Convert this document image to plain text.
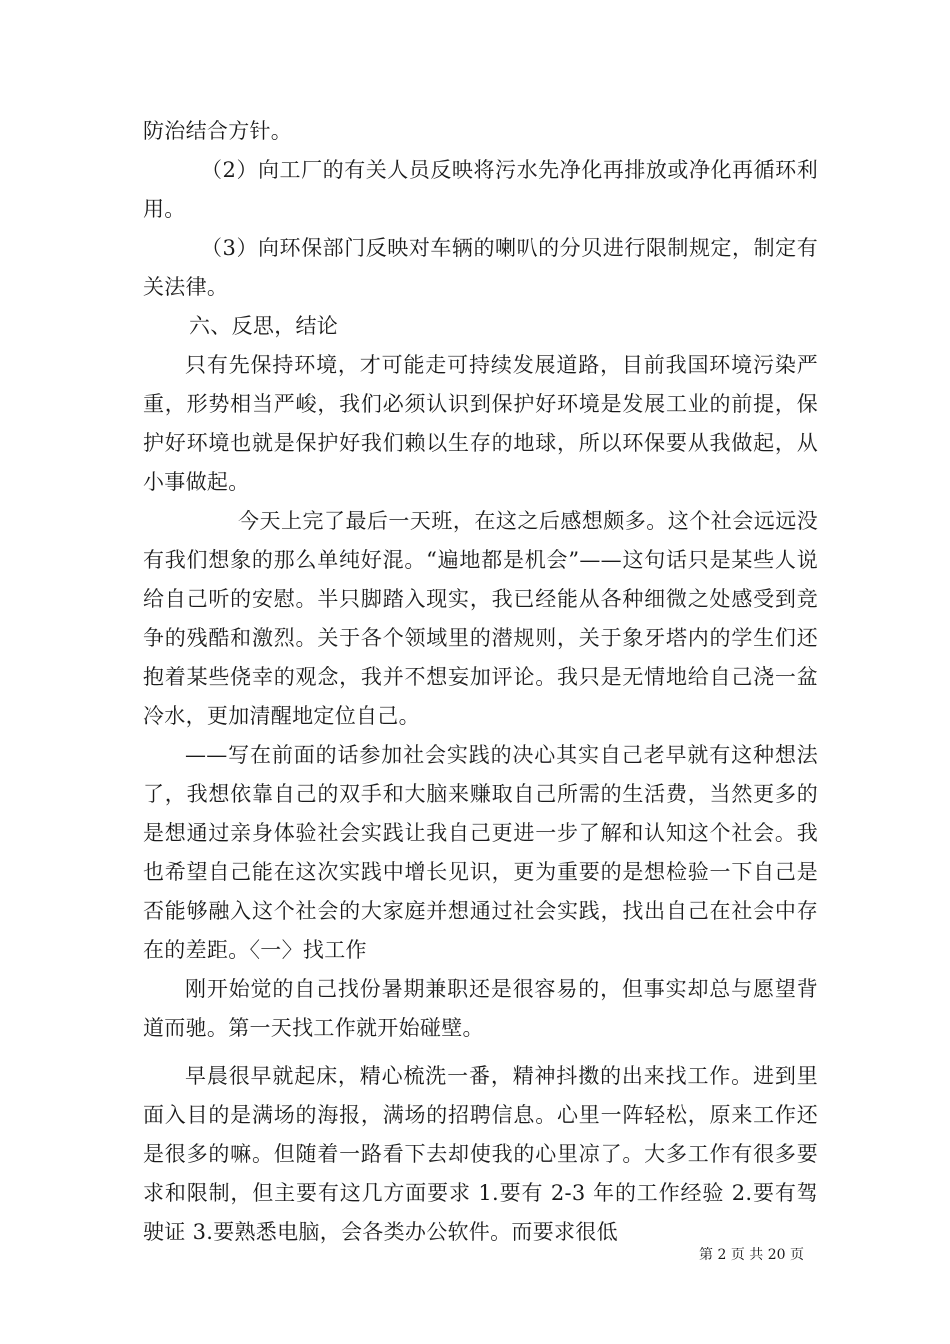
防治结合方针。

（2）向工厂的有关人员反映将污水先净化再排放或净化再循环利用。

（3）向环保部门反映对车辆的喇叭的分贝进行限制规定，制定有关法律。

六、反思，结论

只有先保持环境，才可能走可持续发展道路，目前我国环境污染严重，形势相当严峻，我们必须认识到保护好环境是发展工业的前提，保护好环境也就是保护好我们赖以生存的地球，所以环保要从我做起，从小事做起。

今天上完了最后一天班，在这之后感想颇多。这个社会远远没有我们想象的那么单纯好混。“遍地都是机会”——这句话只是某些人说给自己听的安慰。半只脚踏入现实，我已经能从各种细微之处感受到竞争的残酷和激烈。关于各个领域里的潜规则，关于象牙塔内的学生们还抱着某些侥幸的观念，我并不想妄加评论。我只是无情地给自己浇一盆冷水，更加清醒地定位自己。

——写在前面的话参加社会实践的决心其实自己老早就有这种想法了，我想依靠自己的双手和大脑来赚取自己所需的生活费，当然更多的是想通过亲身体验社会实践让我自己更进一步了解和认知这个社会。我也希望自己能在这次实践中增长见识，更为重要的是想检验一下自己是否能够融入这个社会的大家庭并想通过社会实践，找出自己在社会中存在的差距。〈一〉找工作

刚开始觉的自己找份暑期兼职还是很容易的，但事实却总与愿望背道而驰。第一天找工作就开始碰壁。

早晨很早就起床，精心梳洗一番，精神抖擞的出来找工作。进到里面入目的是满场的海报，满场的招聘信息。心里一阵轻松，原来工作还是很多的嘛。但随着一路看下去却使我的心里凉了。大多工作有很多要求和限制，但主要有这几方面要求 1.要有 2-3 年的工作经验 2.要有驾驶证 3.要熟悉电脑，会各类办公软件。而要求很低

第 2 页 共 20 页
